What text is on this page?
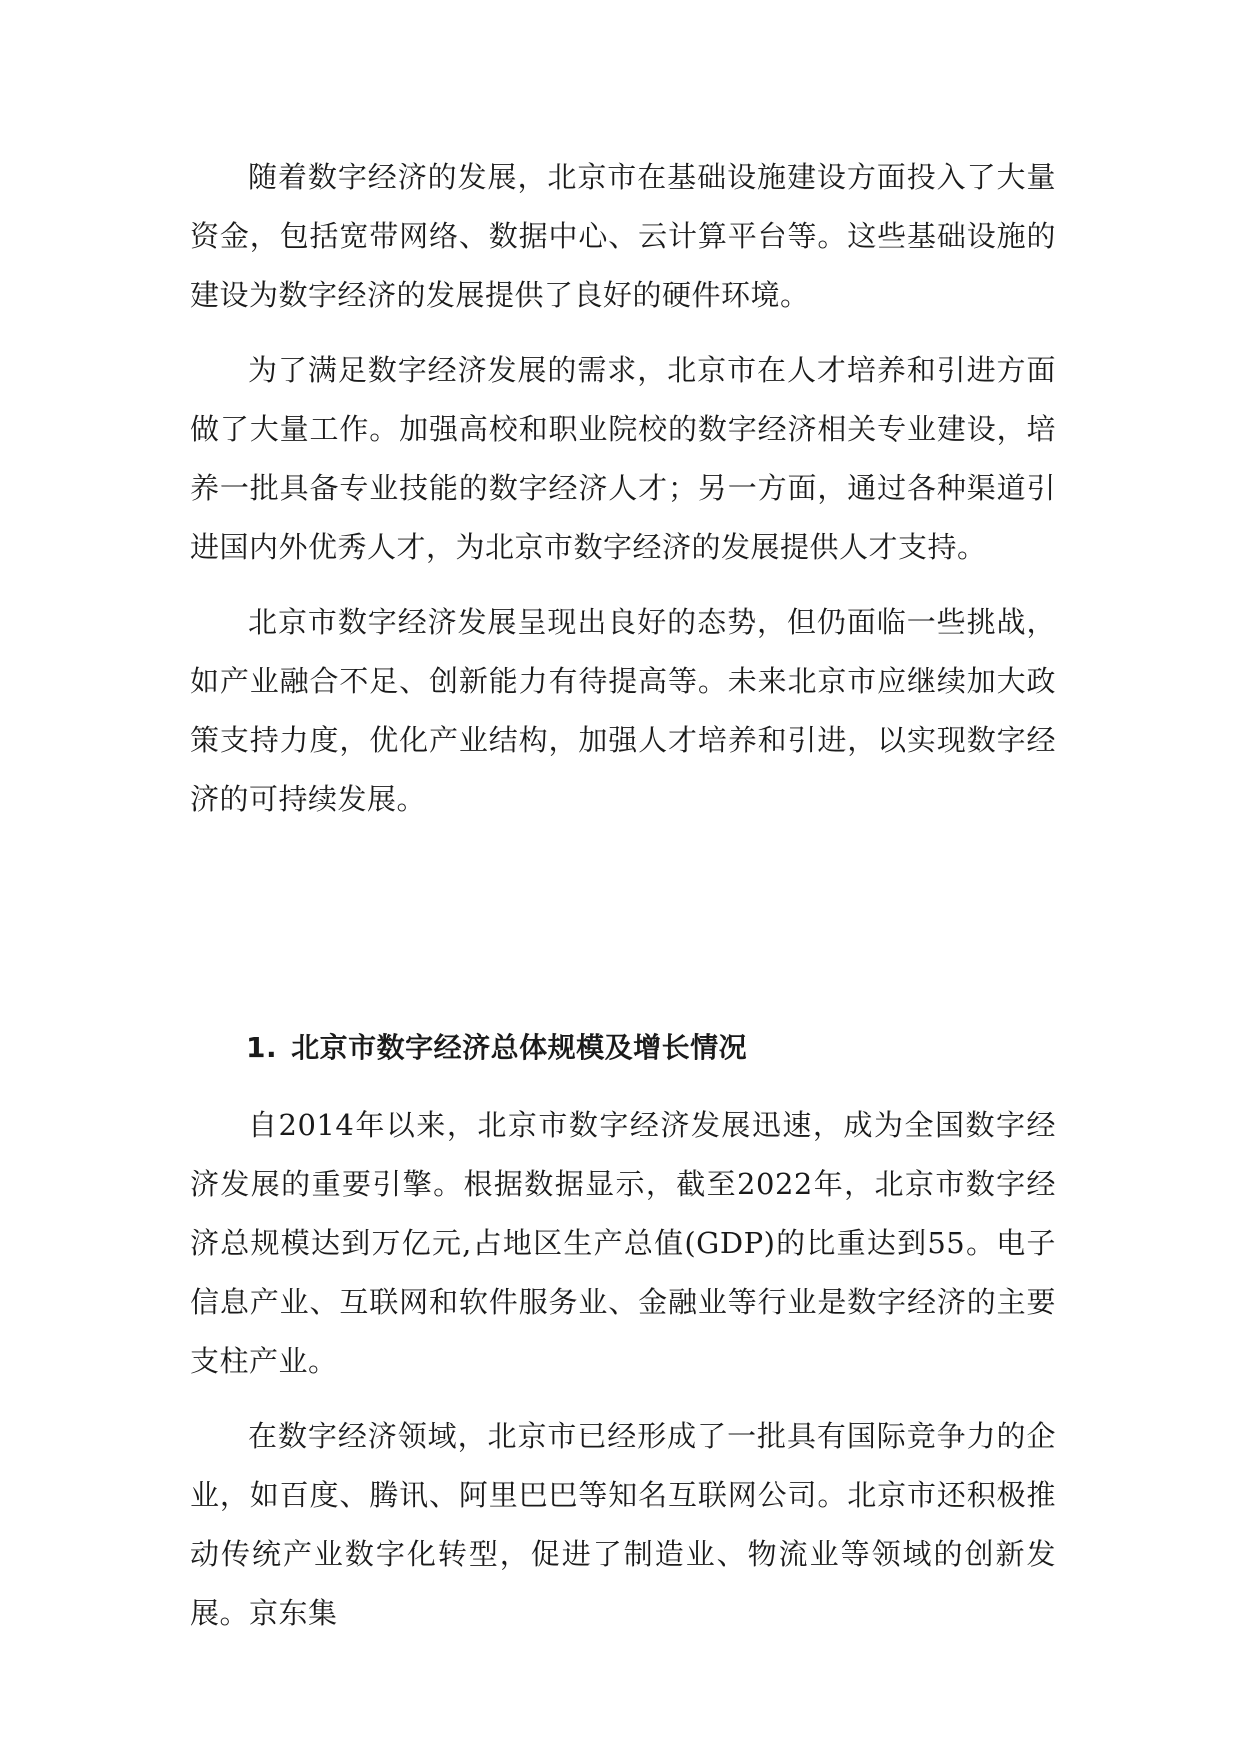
随着数字经济的发展，北京市在基础设施建设方面投入了大量资金，包括宽带网络、数据中心、云计算平台等。这些基础设施的建设为数字经济的发展提供了良好的硬件环境。

为了满足数字经济发展的需求，北京市在人才培养和引进方面做了大量工作。加强高校和职业院校的数字经济相关专业建设，培养一批具备专业技能的数字经济人才；另一方面，通过各种渠道引进国内外优秀人才，为北京市数字经济的发展提供人才支持。

北京市数字经济发展呈现出良好的态势，但仍面临一些挑战，如产业融合不足、创新能力有待提高等。未来北京市应继续加大政策支持力度，优化产业结构，加强人才培养和引进，以实现数字经济的可持续发展。

1. 北京市数字经济总体规模及增长情况

自2014年以来，北京市数字经济发展迅速，成为全国数字经济发展的重要引擎。根据数据显示，截至2022年，北京市数字经济总规模达到万亿元,占地区生产总值(GDP)的比重达到55。电子信息产业、互联网和软件服务业、金融业等行业是数字经济的主要支柱产业。

在数字经济领域，北京市已经形成了一批具有国际竞争力的企业，如百度、腾讯、阿里巴巴等知名互联网公司。北京市还积极推动传统产业数字化转型，促进了制造业、物流业等领域的创新发展。京东集
